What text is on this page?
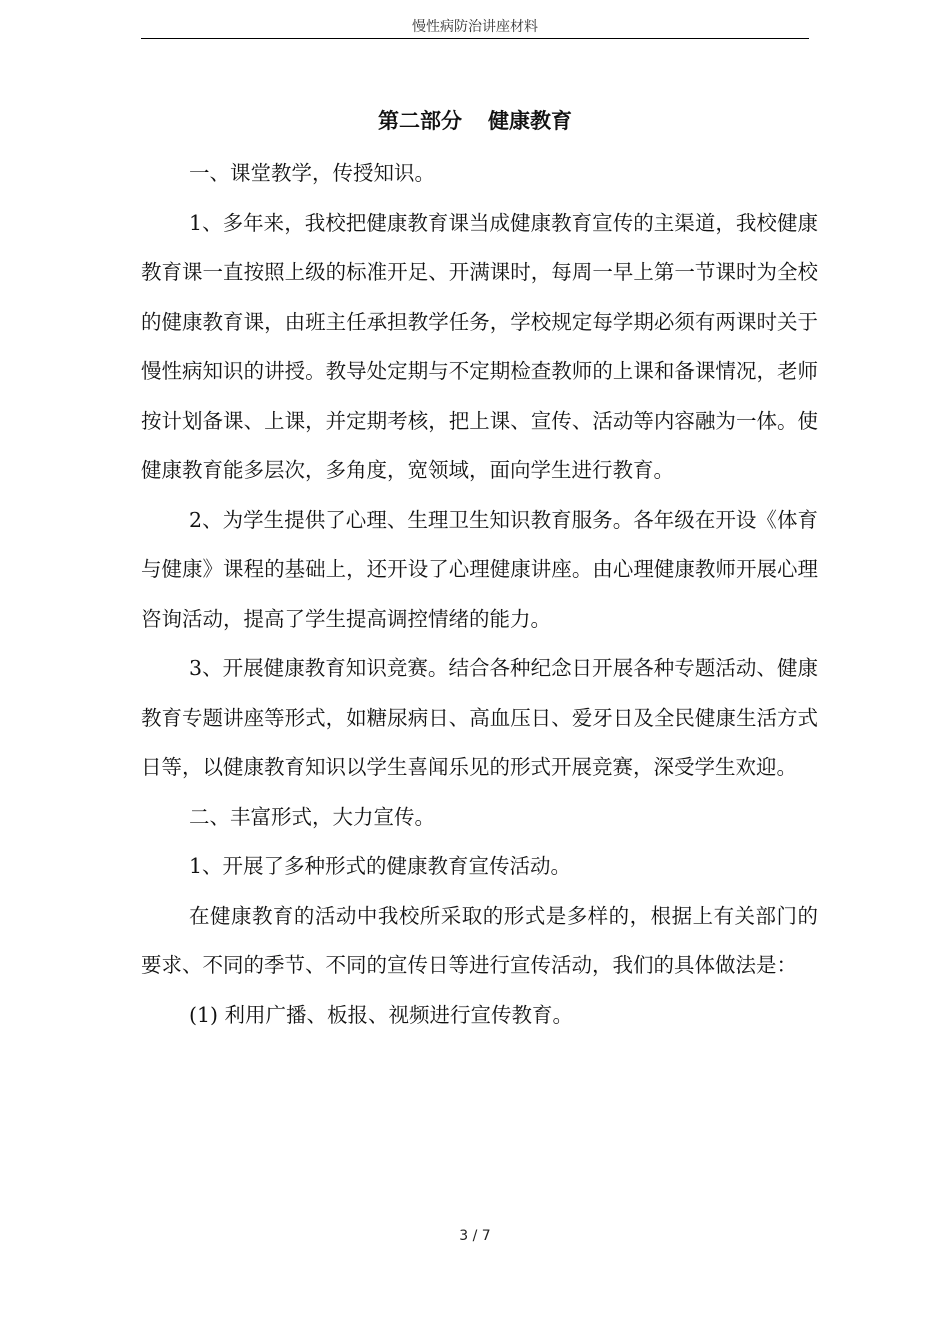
慢性病防治讲座材料
第二部分 健康教育

一、课堂教学，传授知识。

1、多年来，我校把健康教育课当成健康教育宣传的主渠道，我校健康教育课一直按照上级的标准开足、开满课时，每周一早上第一节课时为全校的健康教育课，由班主任承担教学任务，学校规定每学期必须有两课时关于慢性病知识的讲授。教导处定期与不定期检查教师的上课和备课情况，老师按计划备课、上课，并定期考核，把上课、宣传、活动等内容融为一体。使健康教育能多层次，多角度，宽领域，面向学生进行教育。

2、为学生提供了心理、生理卫生知识教育服务。各年级在开设《体育与健康》课程的基础上，还开设了心理健康讲座。由心理健康教师开展心理咨询活动，提高了学生提高调控情绪的能力。

3、开展健康教育知识竞赛。结合各种纪念日开展各种专题活动、健康教育专题讲座等形式，如糖尿病日、高血压日、爱牙日及全民健康生活方式日等，以健康教育知识以学生喜闻乐见的形式开展竞赛，深受学生欢迎。

二、丰富形式，大力宣传。

1、开展了多种形式的健康教育宣传活动。

在健康教育的活动中我校所采取的形式是多样的，根据上有关部门的要求、不同的季节、不同的宣传日等进行宣传活动，我们的具体做法是：

(1) 利用广播、板报、视频进行宣传教育。

3 / 7
